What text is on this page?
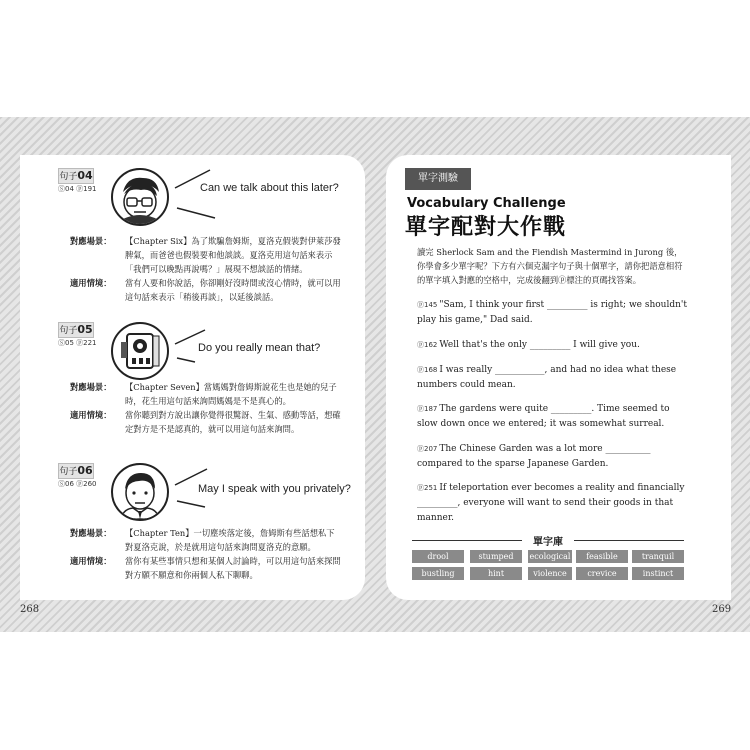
268	269
句子04
Ⓢ04 ⓟ191	Can we talk about this later?
對應場景： 【Chapter Six】為了欺騙詹姆斯，夏洛克假裝對伊萊莎發脾氣，而爸爸也假裝要和他談談。夏洛克用這句話來表示「我們可以晚點再說嗎？」展現不想談話的情緒。
適用情境： 當有人要和你說話，你卻剛好沒時間或沒心情時，就可以用這句話來表示「稍後再談」，以延後談話。
句子05
Ⓢ05 ⓟ221	Do you really mean that?
對應場景： 【Chapter Seven】當媽媽對詹姆斯說花生也是她的兒子時，花生用這句話來詢問媽媽是不是真心的。
適用情境： 當你聽到對方說出讓你覺得很驚訝、生氣、感動等話，想確定對方是不是認真的，就可以用這句話來詢問。
句子06
Ⓢ06 ⓟ260	May I speak with you privately?
對應場景： 【Chapter Ten】一切塵埃落定後，詹姆斯有些話想私下對夏洛克說，於是就用這句話來詢問夏洛克的意願。
適用情境： 當你有某些事情只想和某個人討論時，可以用這句話來探問對方願不願意和你兩個人私下聊聊。
單字測驗
Vocabulary Challenge
單字配對大作戰
讀完 Sherlock Sam and the Fiendish Mastermind in Jurong 後，你學會多少單字呢？下方有六個克漏字句子與十個單字，請你把語意相符的單字填入對應的空格中，完成後翻到ⓟ標注的頁碼找答案。
ⓟ145 "Sam, I think your first _________ is right; we shouldn't play his game," Dad said.
ⓟ162 Well that's the only _________ I will give you.
ⓟ168 I was really ___________, and had no idea what these numbers could mean.
ⓟ187 The gardens were quite _________. Time seemed to slow down once we entered; it was somewhat surreal.
ⓟ207 The Chinese Garden was a lot more __________ compared to the sparse Japanese Garden.
ⓟ251 If teleportation ever becomes a reality and financially _________, everyone will want to send their goods in that manner.
單字庫
drool	stumped	ecological	feasible	tranquil
bustling	hint	violence	crevice	instinct
